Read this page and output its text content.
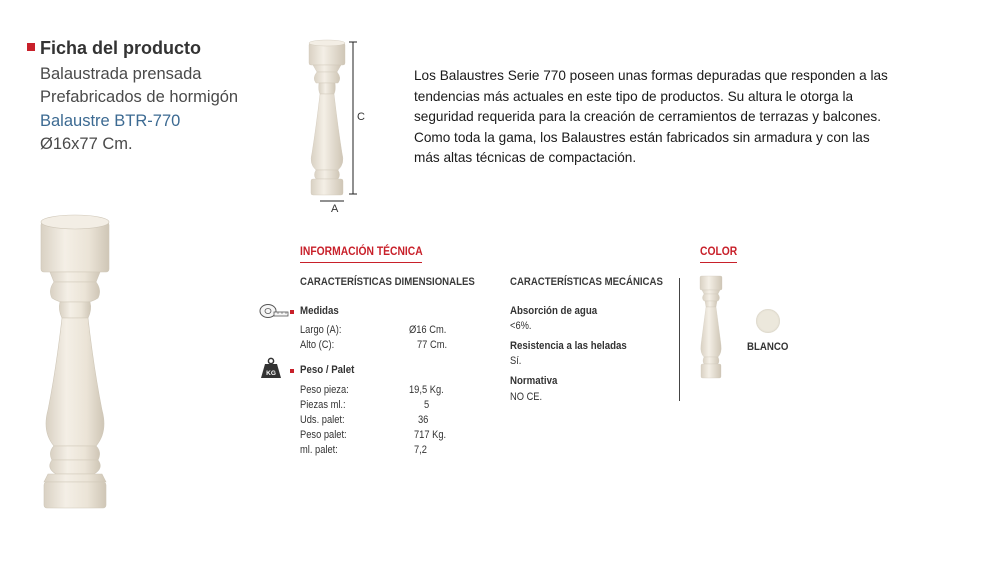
Ficha del producto
Balaustrada prensada
Prefabricados de hormigón
Balaustre BTR-770
Ø16x77 Cm.
C
A
Los Balaustres Serie 770 poseen unas formas depuradas que responden a las
tendencias más actuales en este tipo de productos. Su altura le otorga la
seguridad requerida para la creación de cerramientos de terrazas y balcones.
Como toda la gama, los Balaustres están fabricados sin armadura y con las
más altas técnicas de compactación.
INFORMACIÓN TÉCNICA
CARACTERÍSTICAS DIMENSIONALES	CARACTERÍSTICAS MECÁNICAS
Medidas
Largo (A):	Ø16 Cm.
Alto (C):	77 Cm.
KG Peso / Palet
Peso pieza:	19,5 Kg.
Piezas ml.:	5
Uds. palet:	36
Peso palet:	717 Kg.
ml. palet:	7,2
Absorción de agua
<6%.
Resistencia a las heladas
Sí.
Normativa
NO CE.
COLOR
BLANCO
